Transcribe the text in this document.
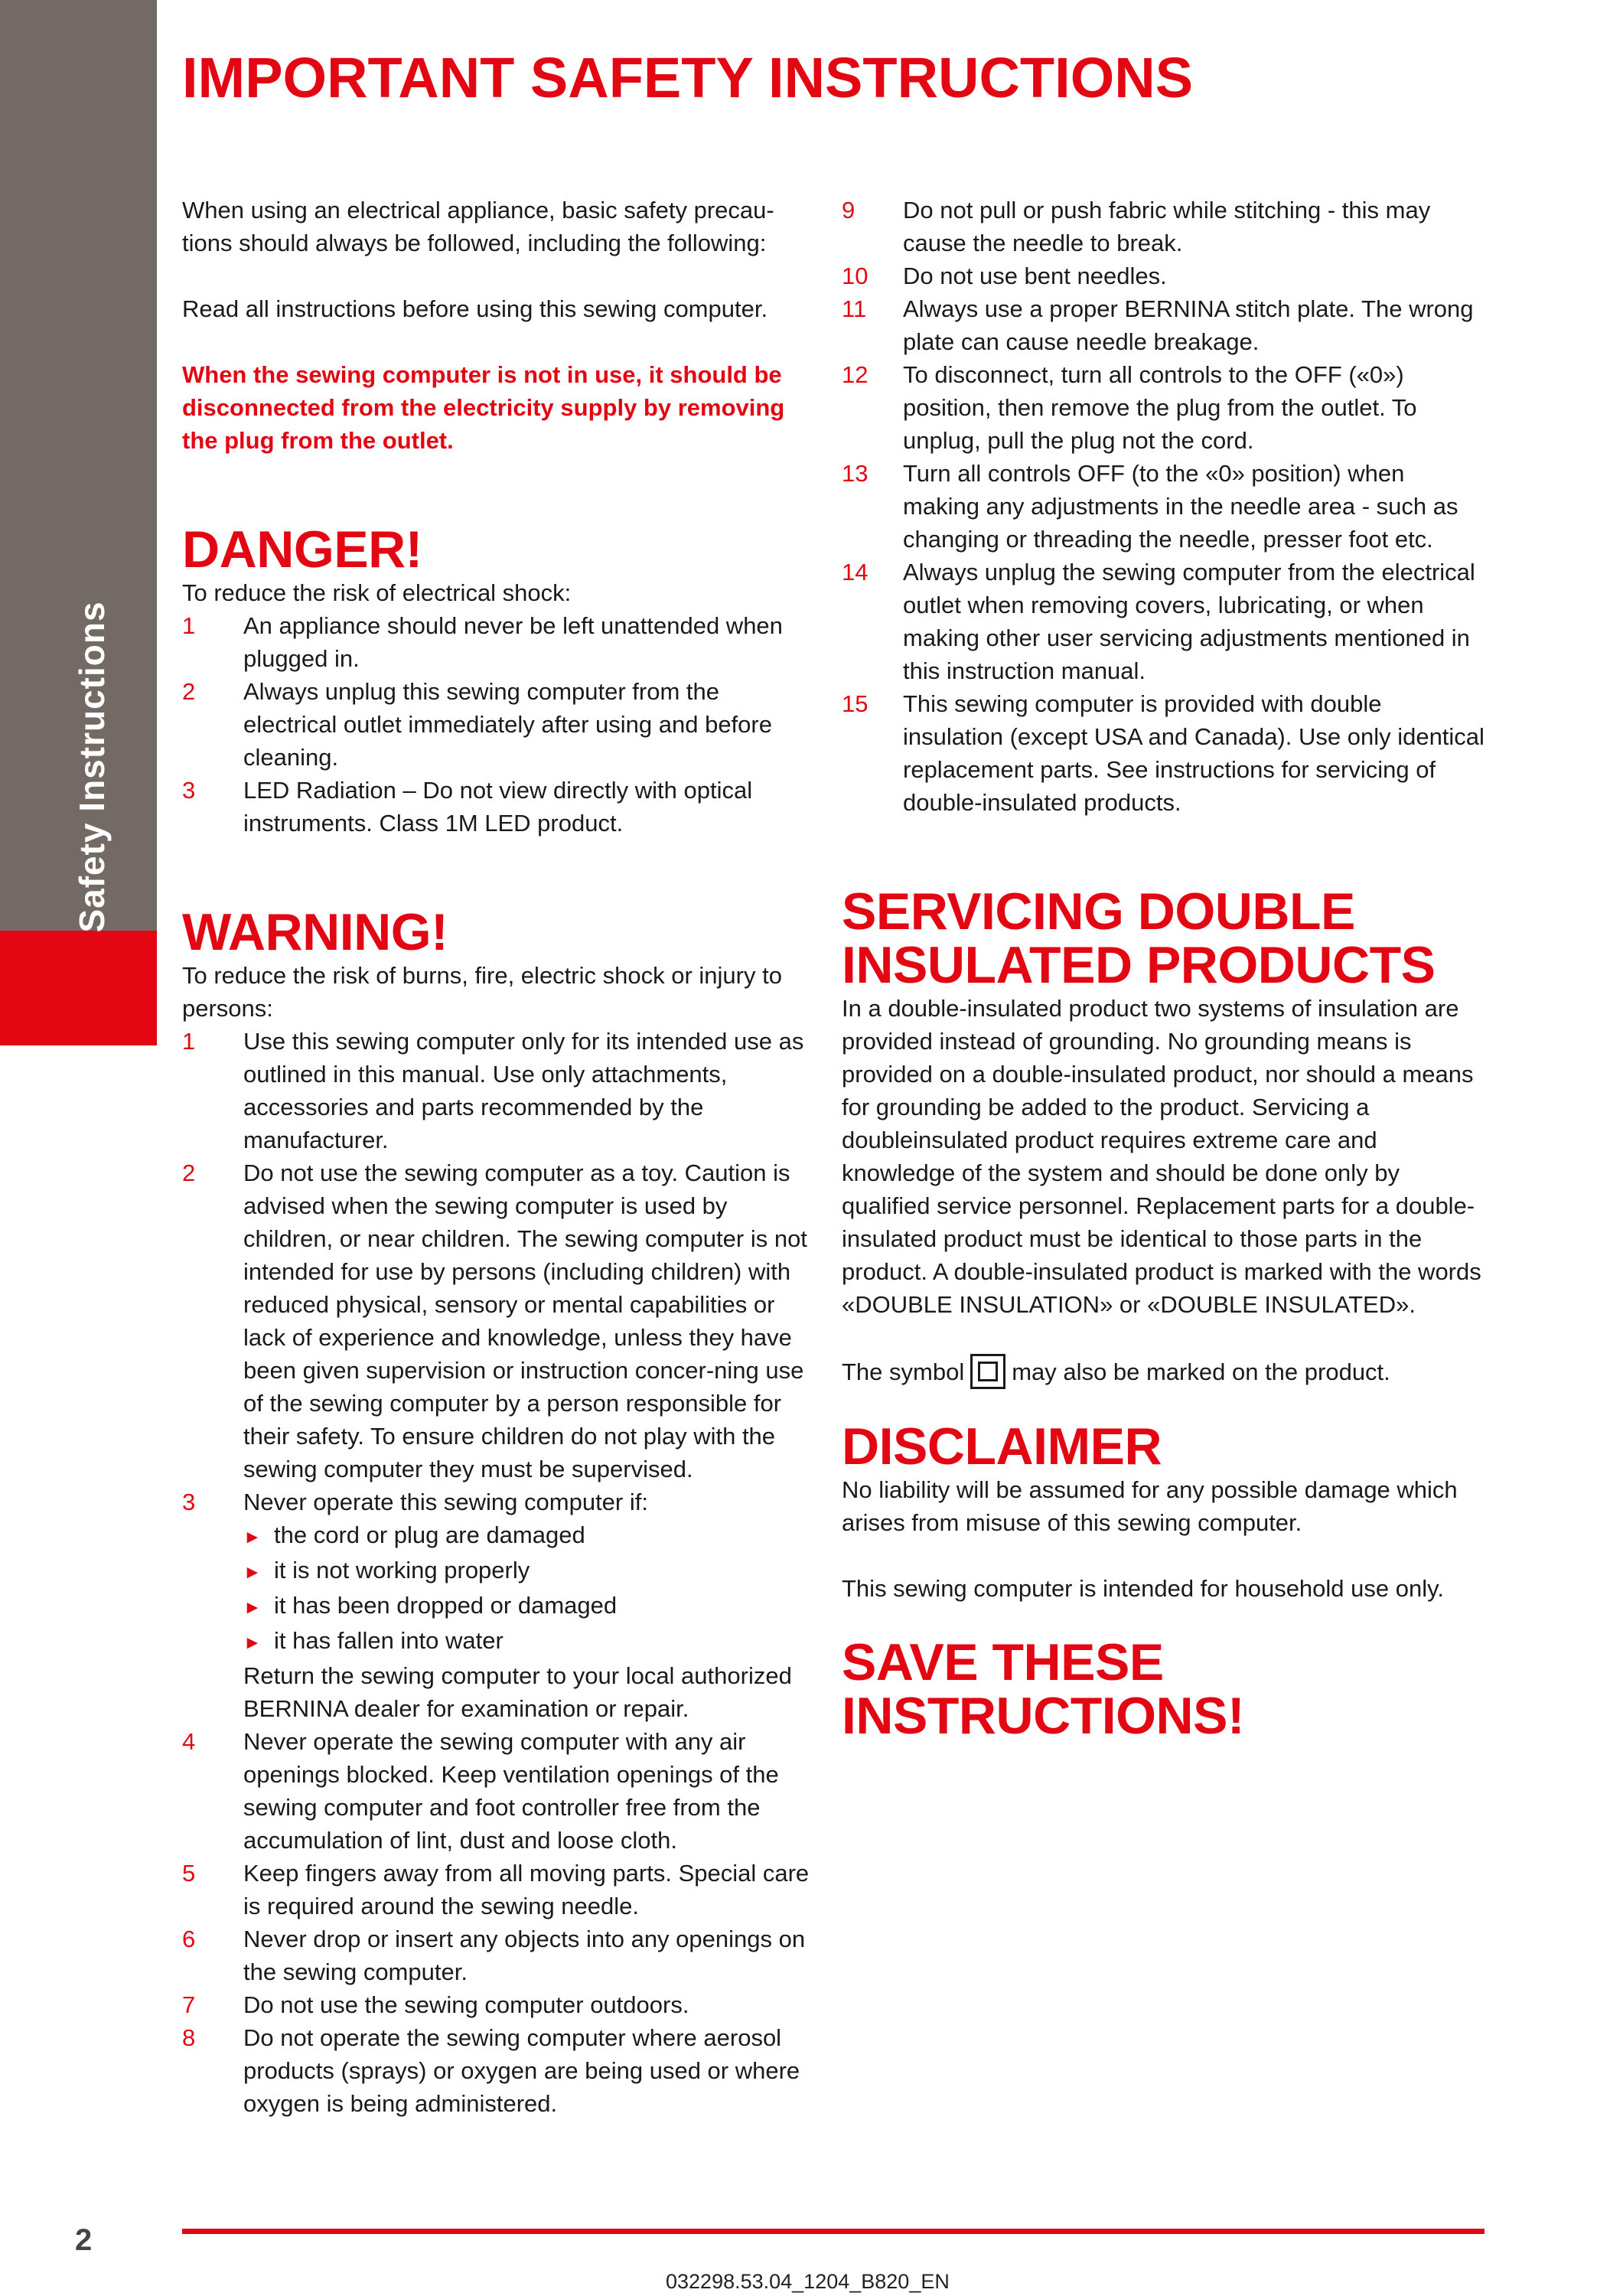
Safety Instructions
IMPORTANT SAFETY INSTRUCTIONS

When using an electrical appliance, basic safety precau-
tions should always be followed, including the following:

Read all instructions before using this sewing computer.

When the sewing computer is not in use, it should be disconnected from the electricity supply by removing the plug from the outlet.

DANGER!

To reduce the risk of electrical shock:

1	An appliance should never be left unattended when plugged in.
2	Always unplug this sewing computer from the electrical outlet immediately after using and before cleaning.
3	LED Radiation – Do not view directly with optical instruments. Class 1M LED product.
WARNING!

To reduce the risk of burns, fire, electric shock or injury to persons:

1	Use this sewing computer only for its intended use as outlined in this manual. Use only attachments, accessories and parts recommended by the manufacturer.
2	Do not use the sewing computer as a toy. Caution is advised when the sewing computer is used by children, or near children. The sewing computer is not intended for use by persons (including children) with reduced physical, sensory or mental capabilities or lack of experience and knowledge, unless they have been given supervision or instruction concer-ning use of the sewing computer by a person responsible for their safety. To ensure children do not play with the sewing computer they must be supervised.
3	Never operate this sewing computer if:
► the cord or plug are damaged
► it is not working properly
► it has been dropped or damaged
► it has fallen into water
Return the sewing computer to your local authorized BERNINA dealer for examination or repair.
4	Never operate the sewing computer with any air openings blocked. Keep ventilation openings of the sewing computer and foot controller free from the accumulation of lint, dust and loose cloth.
5	Keep fingers away from all moving parts. Special care is required around the sewing needle.
6	Never drop or insert any objects into any openings on the sewing computer.
7	Do not use the sewing computer outdoors.
8	Do not operate the sewing computer where aerosol products (sprays) or oxygen are being used or where oxygen is being administered.
9	Do not pull or push fabric while stitching - this may cause the needle to break.
10	Do not use bent needles.
11	Always use a proper BERNINA stitch plate. The wrong plate can cause needle breakage.
12	To disconnect, turn all controls to the OFF («0») position, then remove the plug from the outlet. To unplug, pull the plug not the cord.
13	Turn all controls OFF (to the «0» position) when making any adjustments in the needle area - such as changing or threading the needle, presser foot etc.
14	Always unplug the sewing computer from the electrical outlet when removing covers, lubricating, or when making other user servicing adjustments mentioned in this instruction manual.
15	This sewing computer is provided with double insulation (except USA and Canada). Use only identical replacement parts. See instructions for servicing of double-insulated products.
SERVICING DOUBLE
INSULATED PRODUCTS

In a double-insulated product two systems of insulation are provided instead of grounding. No grounding means is provided on a double-insulated product, nor should a means for grounding be added to the product. Servicing a doubleinsulated product requires extreme care and knowledge of the system and should be done only by qualified service personnel. Replacement parts for a double-insulated product must be identical to those parts in the product. A double-insulated product is marked with the words «DOUBLE INSULATION» or «DOUBLE INSULATED».

The symbol may also be marked on the product.
DISCLAIMER

No liability will be assumed for any possible damage which arises from misuse of this sewing computer.

This sewing computer is intended for household use only.

SAVE THESE
INSTRUCTIONS!
2
032298.53.04_1204_B820_EN
